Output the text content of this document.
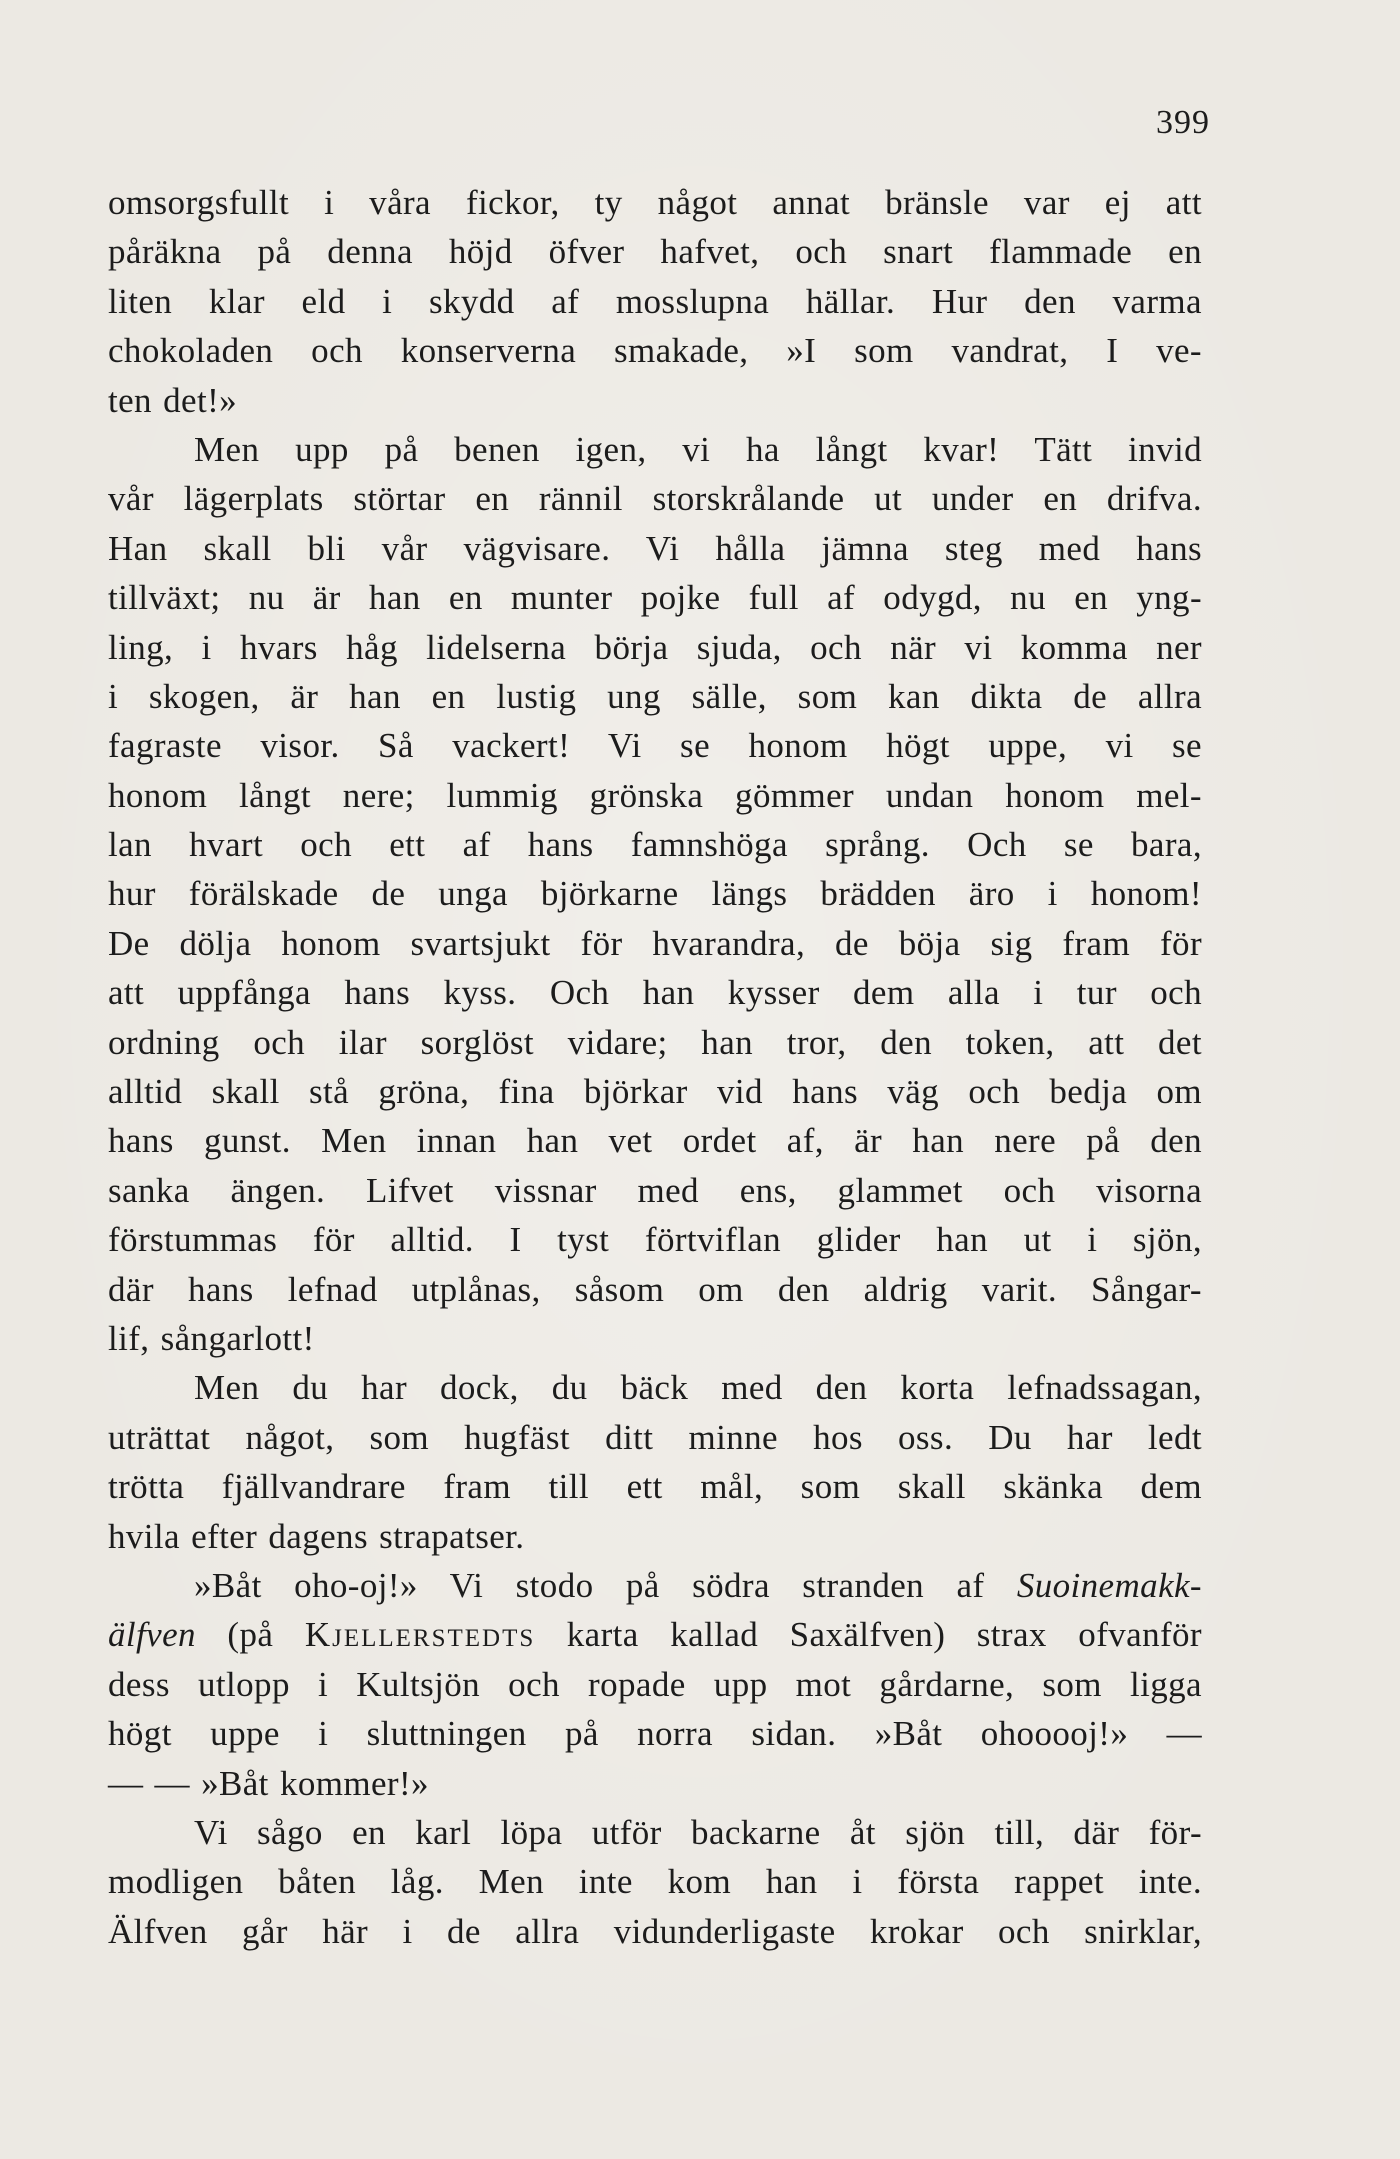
399
omsorgsfullt i våra fickor, ty något annat bränsle var ej att
påräkna på denna höjd öfver hafvet, och snart flammade en
liten klar eld i skydd af mosslupna hällar. Hur den varma
chokoladen och konserverna smakade, »I som vandrat, I ve-
ten det!»
Men upp på benen igen, vi ha långt kvar! Tätt invid
vår lägerplats störtar en rännil storskrålande ut under en drifva.
Han skall bli vår vägvisare. Vi hålla jämna steg med hans
tillväxt; nu är han en munter pojke full af odygd, nu en yng-
ling, i hvars håg lidelserna börja sjuda, och när vi komma ner
i skogen, är han en lustig ung sälle, som kan dikta de allra
fagraste visor. Så vackert! Vi se honom högt uppe, vi se
honom långt nere; lummig grönska gömmer undan honom mel-
lan hvart och ett af hans famnshöga språng. Och se bara,
hur förälskade de unga björkarne längs brädden äro i honom!
De dölja honom svartsjukt för hvarandra, de böja sig fram för
att uppfånga hans kyss. Och han kysser dem alla i tur och
ordning och ilar sorglöst vidare; han tror, den token, att det
alltid skall stå gröna, fina björkar vid hans väg och bedja om
hans gunst. Men innan han vet ordet af, är han nere på den
sanka ängen. Lifvet vissnar med ens, glammet och visorna
förstummas för alltid. I tyst förtviflan glider han ut i sjön,
där hans lefnad utplånas, såsom om den aldrig varit. Sångar-
lif, sångarlott!
Men du har dock, du bäck med den korta lefnadssagan,
uträttat något, som hugfäst ditt minne hos oss. Du har ledt
trötta fjällvandrare fram till ett mål, som skall skänka dem
hvila efter dagens strapatser.
»Båt oho-oj!» Vi stodo på södra stranden af Suoinemakk-
älfven (på Kjellerstedts karta kallad Saxälfven) strax ofvanför
dess utlopp i Kultsjön och ropade upp mot gårdarne, som ligga
högt uppe i sluttningen på norra sidan. »Båt ohooooj!» —
— — »Båt kommer!»
Vi sågo en karl löpa utför backarne åt sjön till, där för-
modligen båten låg. Men inte kom han i första rappet inte.
Älfven går här i de allra vidunderligaste krokar och snirklar,
